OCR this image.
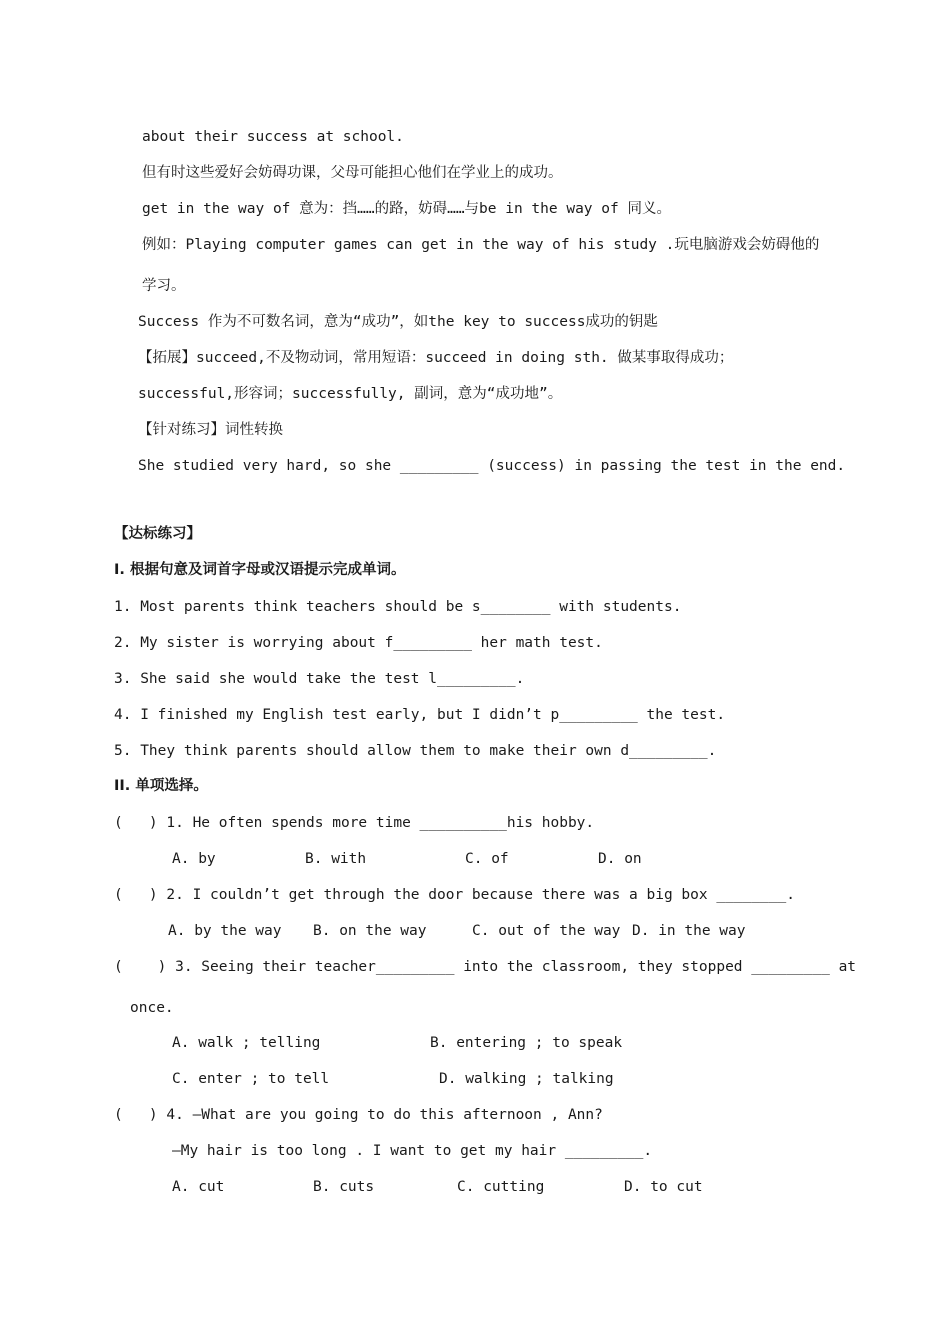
about their success at school.
但有时这些爱好会妨碍功课，父母可能担心他们在学业上的成功。
get in the way of 意为：挡……的路，妨碍……与be in the way of 同义。
例如：Playing computer games can get in the way of his study .玩电脑游戏会妨碍他的
学习。
Success 作为不可数名词，意为“成功”，如the key to success成功的钥匙
【拓展】succeed,不及物动词，常用短语：succeed in doing sth. 做某事取得成功；
successful,形容词；successfully, 副词，意为“成功地”。
【针对练习】词性转换
She studied very hard, so she _________ (success) in passing the test in the end.
【达标练习】
I. 根据句意及词首字母或汉语提示完成单词。
1. Most parents think teachers should be s________ with students.
2. My sister is worrying about f_________ her math test.
3. She said she would take the test l_________.
4. I finished my English test early, but I didn’t p_________ the test.
5. They think parents should allow them to make their own d_________.
II. 单项选择。
(   ) 1. He often spends more time __________his hobby.
A. by	B. with	C. of	D. on
(   ) 2. I couldn’t get through the door because there was a big box ________.
A. by the way B. on the way	C. out of the way D. in the way
(    ) 3. Seeing their teacher_________ into the classroom, they stopped _________ at
once.
A. walk ; telling	B. entering ; to speak
C. enter ; to tell	D. walking ; talking
(   ) 4. —What are you going to do this afternoon , Ann?
—My hair is too long . I want to get my hair _________.
A. cut	B. cuts	C. cutting	D. to cut
